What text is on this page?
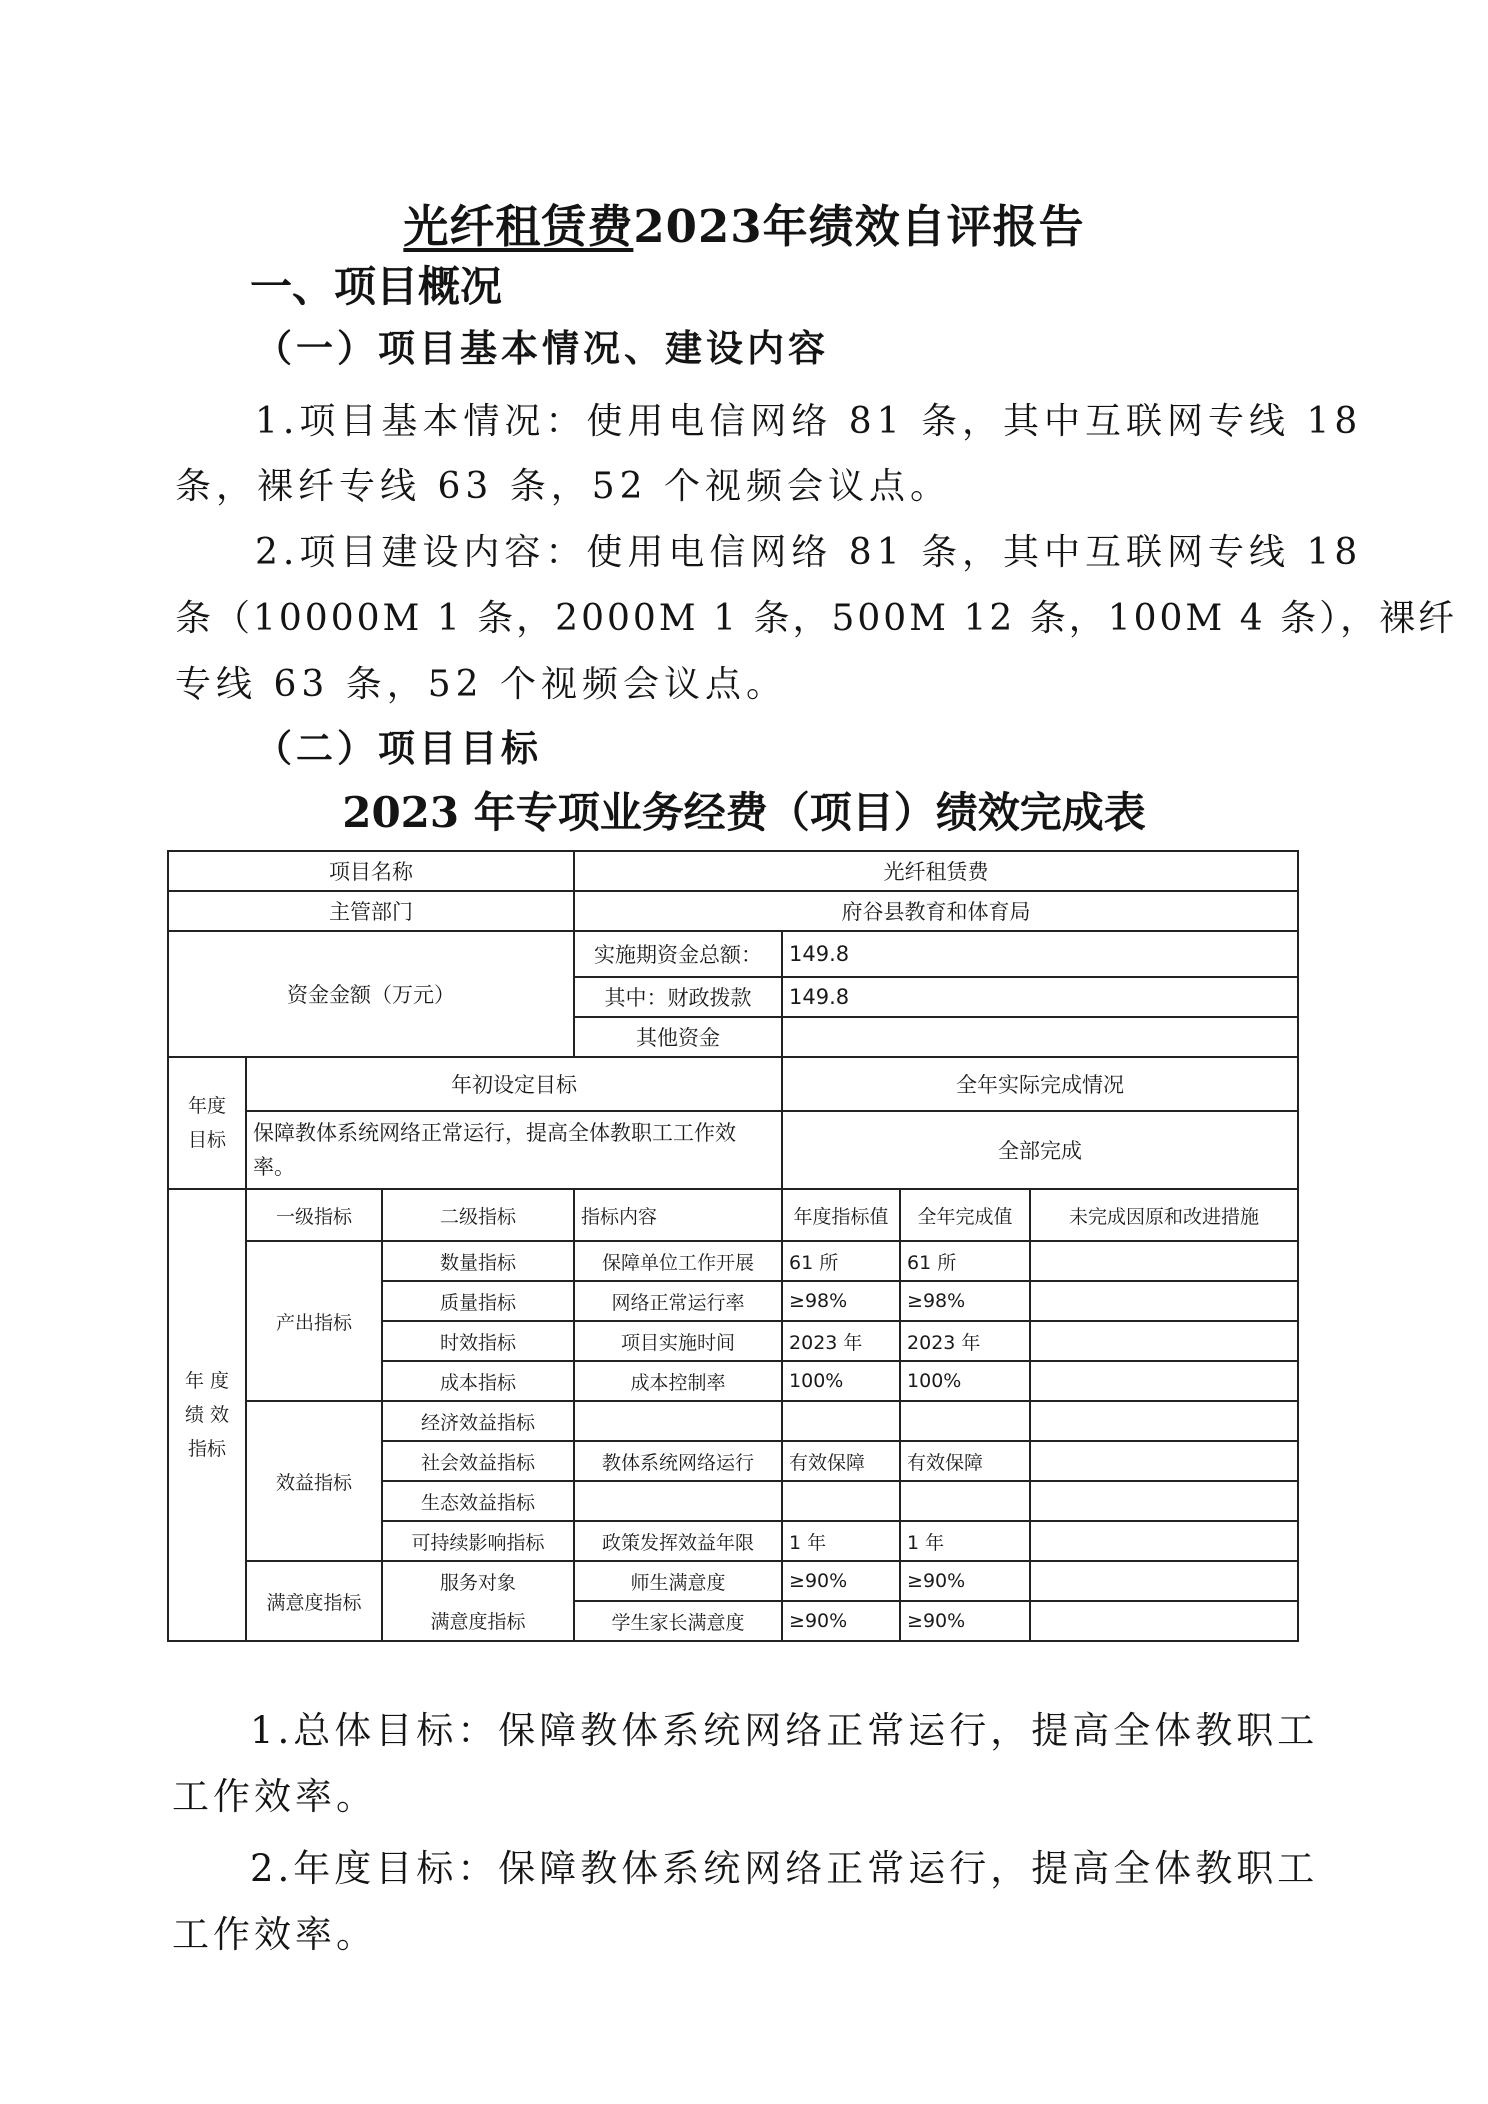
光纤租赁费2023年绩效自评报告
一、项目概况
（一）项目基本情况、建设内容
1.项目基本情况：使用电信网络 81 条，其中互联网专线 18
条，裸纤专线 63 条，52 个视频会议点。
2.项目建设内容：使用电信网络 81 条，其中互联网专线 18
条（10000M 1 条，2000M 1 条，500M 12 条，100M 4 条），裸纤
专线 63 条，52 个视频会议点。
（二）项目目标
2023 年专项业务经费（项目）绩效完成表
项目名称			光纤租赁费			
主管部门			府谷县教育和体育局			
资金金额（万元）			实施期资金总额：	149.8		
			其中：财政拨款	149.8		
			其他资金			

年度
目标	年初设定目标			全年实际完成情况		
	保障教体系统网络正常运行，提高全体教职工工作效率。			全部完成		

年 度
绩 效
指标	一级指标	二级指标	指标内容	年度指标值	全年完成值	未完成因原和改进措施
	产出指标	数量指标	保障单位工作开展	61 所	61 所	
		质量指标	网络正常运行率	≥98%	≥98%	
		时效指标	项目实施时间	2023 年	2023 年	
		成本指标	成本控制率	100%	100%	
	效益指标	经济效益指标				
		社会效益指标	教体系统网络运行	有效保障	有效保障	
		生态效益指标				
		可持续影响指标	政策发挥效益年限	1 年	1 年	
	满意度指标	服务对象	师生满意度	≥90%	≥90%	
		满意度指标	学生家长满意度	≥90%	≥90%	
1.总体目标：保障教体系统网络正常运行，提高全体教职工
工作效率。
2.年度目标：保障教体系统网络正常运行，提高全体教职工
工作效率。
